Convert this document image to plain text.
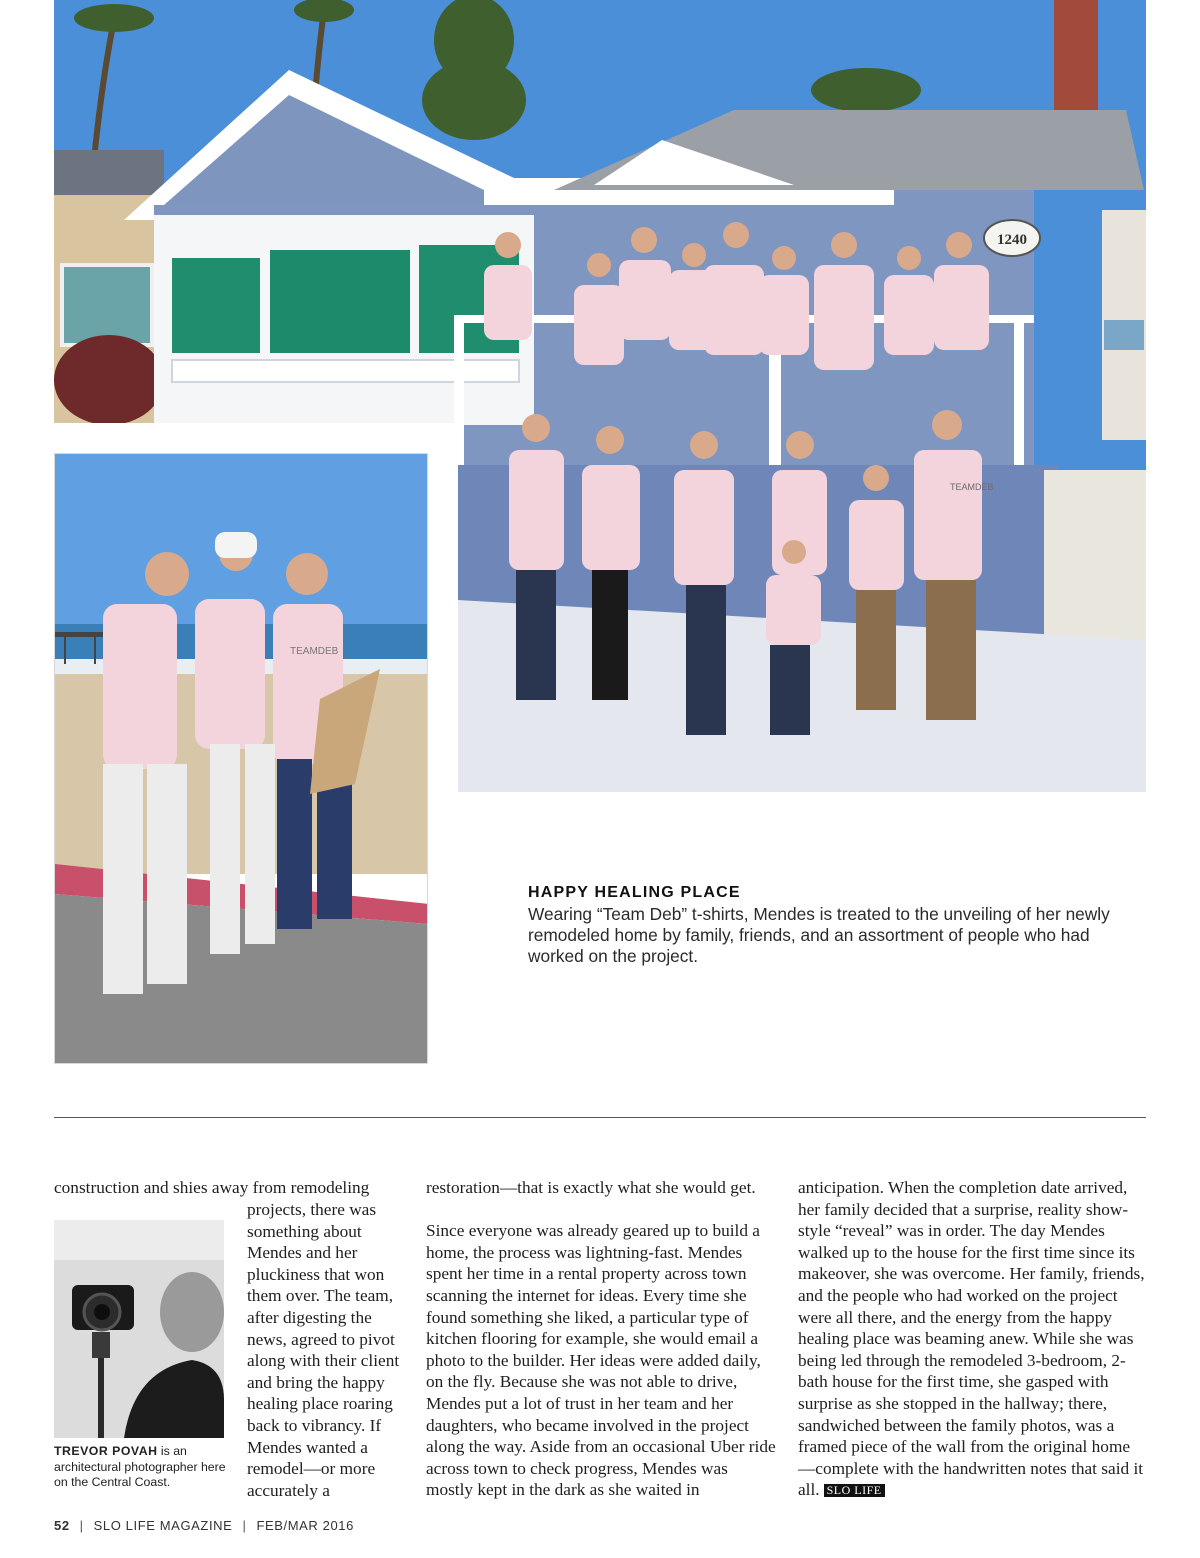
1240
TEAMDEB
TEAMDEB

HAPPY HEALING PLACE

Wearing “Team Deb” t-shirts, Mendes is treated to the unveiling of her newly remodeled home by family, friends, and an assortment of people who had worked on the project.

construction and shies away from remodeling
projects, there was something about Mendes and her pluckiness that won them over. The team, after digesting the news, agreed to pivot along with their client and bring the happy healing place roaring back to vibrancy. If Mendes wanted a remodel—or more accurately a
TREVOR POVAH is an architectural photographer here on the Central Coast.

restoration—that is exactly what she would get.

Since everyone was already geared up to build a home, the process was lightning-fast. Mendes spent her time in a rental property across town scanning the internet for ideas. Every time she found something she liked, a particular type of kitchen flooring for example, she would email a photo to the builder. Her ideas were added daily, on the fly. Because she was not able to drive, Mendes put a lot of trust in her team and her daughters, who became involved in the project along the way. Aside from an occasional Uber ride across town to check progress, Mendes was mostly kept in the dark as she waited in

anticipation. When the completion date arrived, her family decided that a surprise, reality show-style “reveal” was in order. The day Mendes walked up to the house for the first time since its makeover, she was overcome. Her family, friends, and the people who had worked on the project were all there, and the energy from the happy healing place was beaming anew. While she was being led through the remodeled 3-bedroom, 2-bath house for the first time, she gasped with surprise as she stopped in the hallway; there, sandwiched between the family photos, was a framed piece of the wall from the original home—complete with the handwritten notes that said it all. SLO LIFE
52 | SLO LIFE MAGAZINE | FEB/MAR 2016
